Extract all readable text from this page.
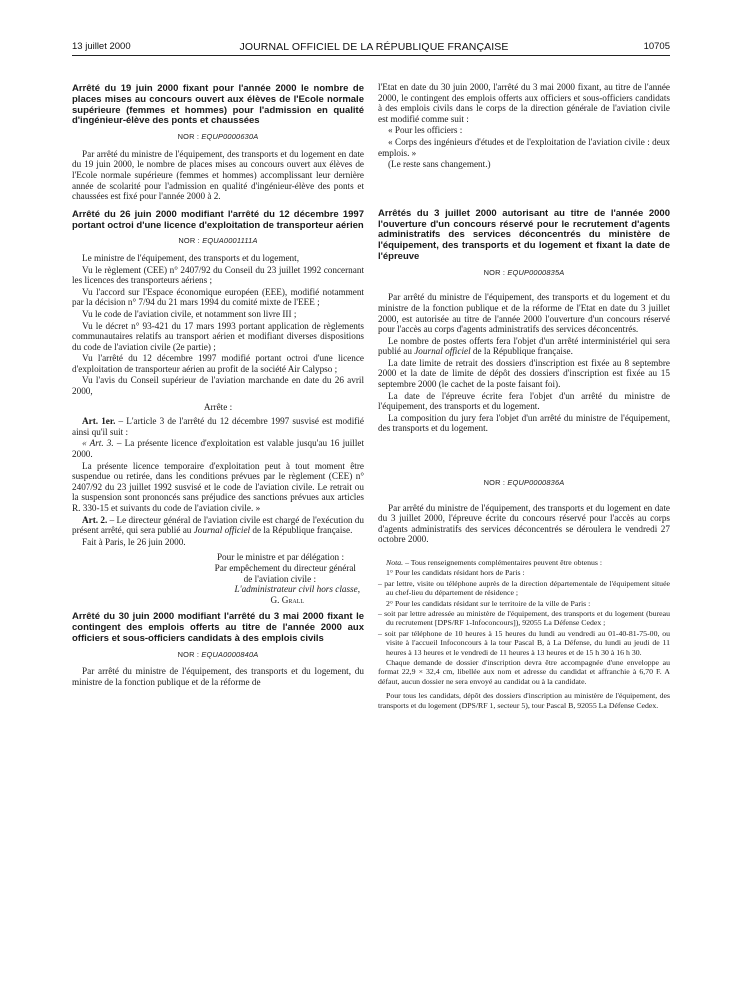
13 juillet 2000	JOURNAL OFFICIEL DE LA RÉPUBLIQUE FRANÇAISE	10705
Arrêté du 19 juin 2000 fixant pour l'année 2000 le nombre de places mises au concours ouvert aux élèves de l'Ecole normale supérieure (femmes et hommes) pour l'admission en qualité d'ingénieur-élève des ponts et chaussées
NOR : EQUP0000630A
Par arrêté du ministre de l'équipement, des transports et du logement en date du 19 juin 2000, le nombre de places mises au concours ouvert aux élèves de l'Ecole normale supérieure (femmes et hommes) accomplissant leur dernière année de scolarité pour l'admission en qualité d'ingénieur-élève des ponts et chaussées est fixé pour l'année 2000 à 2.
Arrêté du 26 juin 2000 modifiant l'arrêté du 12 décembre 1997 portant octroi d'une licence d'exploitation de transporteur aérien
NOR : EQUA0001111A
Le ministre de l'équipement, des transports et du logement,
Vu le règlement (CEE) n° 2407/92 du Conseil du 23 juillet 1992 concernant les licences des transporteurs aériens ;
Vu l'accord sur l'Espace économique européen (EEE), modifié notamment par la décision n° 7/94 du 21 mars 1994 du comité mixte de l'EEE ;
Vu le code de l'aviation civile, et notamment son livre III ;
Vu le décret n° 93-421 du 17 mars 1993 portant application de règlements communautaires relatifs au transport aérien et modifiant diverses dispositions du code de l'aviation civile (2e partie) ;
Vu l'arrêté du 12 décembre 1997 modifié portant octroi d'une licence d'exploitation de transporteur aérien au profit de la société Air Calypso ;
Vu l'avis du Conseil supérieur de l'aviation marchande en date du 26 avril 2000,
Arrête :
Art. 1er. – L'article 3 de l'arrêté du 12 décembre 1997 susvisé est modifié ainsi qu'il suit :
« Art. 3. – La présente licence d'exploitation est valable jusqu'au 16 juillet 2000.
La présente licence temporaire d'exploitation peut à tout moment être suspendue ou retirée, dans les conditions prévues par le règlement (CEE) n° 2407/92 du 23 juillet 1992 susvisé et le code de l'aviation civile. Le retrait ou la suspension sont prononcés sans préjudice des sanctions prévues aux articles R. 330-15 et suivants du code de l'aviation civile. »
Art. 2. – Le directeur général de l'aviation civile est chargé de l'exécution du présent arrêté, qui sera publié au Journal officiel de la République française.
Fait à Paris, le 26 juin 2000.
Pour le ministre et par délégation :
Par empêchement du directeur général
de l'aviation civile :
L'administrateur civil hors classe,
G. Grall
Arrêté du 30 juin 2000 modifiant l'arrêté du 3 mai 2000 fixant le contingent des emplois offerts au titre de l'année 2000 aux officiers et sous-officiers candidats à des emplois civils
NOR : EQUA0000840A
Par arrêté du ministre de l'équipement, des transports et du logement, du ministre de la fonction publique et de la réforme de
l'Etat en date du 30 juin 2000, l'arrêté du 3 mai 2000 fixant, au titre de l'année 2000, le contingent des emplois offerts aux officiers et sous-officiers candidats à des emplois civils dans le corps de la direction générale de l'aviation civile est modifié comme suit :
« Pour les officiers :
« Corps des ingénieurs d'études et de l'exploitation de l'aviation civile : deux emplois. »
(Le reste sans changement.)
Arrêtés du 3 juillet 2000 autorisant au titre de l'année 2000 l'ouverture d'un concours réservé pour le recrutement d'agents administratifs des services déconcentrés du ministère de l'équipement, des transports et du logement et fixant la date de l'épreuve
NOR : EQUP0000835A
Par arrêté du ministre de l'équipement, des transports et du logement et du ministre de la fonction publique et de la réforme de l'Etat en date du 3 juillet 2000, est autorisée au titre de l'année 2000 l'ouverture d'un concours réservé pour l'accès au corps d'agents administratifs des services déconcentrés.
Le nombre de postes offerts fera l'objet d'un arrêté interministériel qui sera publié au Journal officiel de la République française.
La date limite de retrait des dossiers d'inscription est fixée au 8 septembre 2000 et la date de limite de dépôt des dossiers d'inscription est fixée au 15 septembre 2000 (le cachet de la poste faisant foi).
La date de l'épreuve écrite fera l'objet d'un arrêté du ministre de l'équipement, des transports et du logement.
La composition du jury fera l'objet d'un arrêté du ministre de l'équipement, des transports et du logement.
NOR : EQUP0000836A
Par arrêté du ministre de l'équipement, des transports et du logement en date du 3 juillet 2000, l'épreuve écrite du concours réservé pour l'accès au corps d'agents administratifs des services déconcentrés se déroulera le vendredi 27 octobre 2000.
Nota. – Tous renseignements complémentaires peuvent être obtenus :
1° Pour les candidats résidant hors de Paris :
– par lettre, visite ou téléphone auprès de la direction départementale de l'équipement située au chef-lieu du département de résidence ;
2° Pour les candidats résidant sur le territoire de la ville de Paris :
– soit par lettre adressée au ministère de l'équipement, des transports et du logement (bureau du recrutement [DPS/RF 1-Infoconcours]), 92055 La Défense Cedex ;
– soit par téléphone de 10 heures à 15 heures du lundi au vendredi au 01-40-81-75-00, ou visite à l'accueil Infoconcours à la tour Pascal B, à La Défense, du lundi au jeudi de 11 heures à 13 heures et le vendredi de 11 heures à 13 heures et de 15 h 30 à 16 h 30.
Chaque demande de dossier d'inscription devra être accompagnée d'une enveloppe au format 22,9 × 32,4 cm, libellée aux nom et adresse du candidat et affranchie à 6,70 F. A défaut, aucun dossier ne sera envoyé au candidat ou à la candidate.
Pour tous les candidats, dépôt des dossiers d'inscription au ministère de l'équipement, des transports et du logement (DPS/RF 1, secteur 5), tour Pascal B, 92055 La Défense Cedex.
